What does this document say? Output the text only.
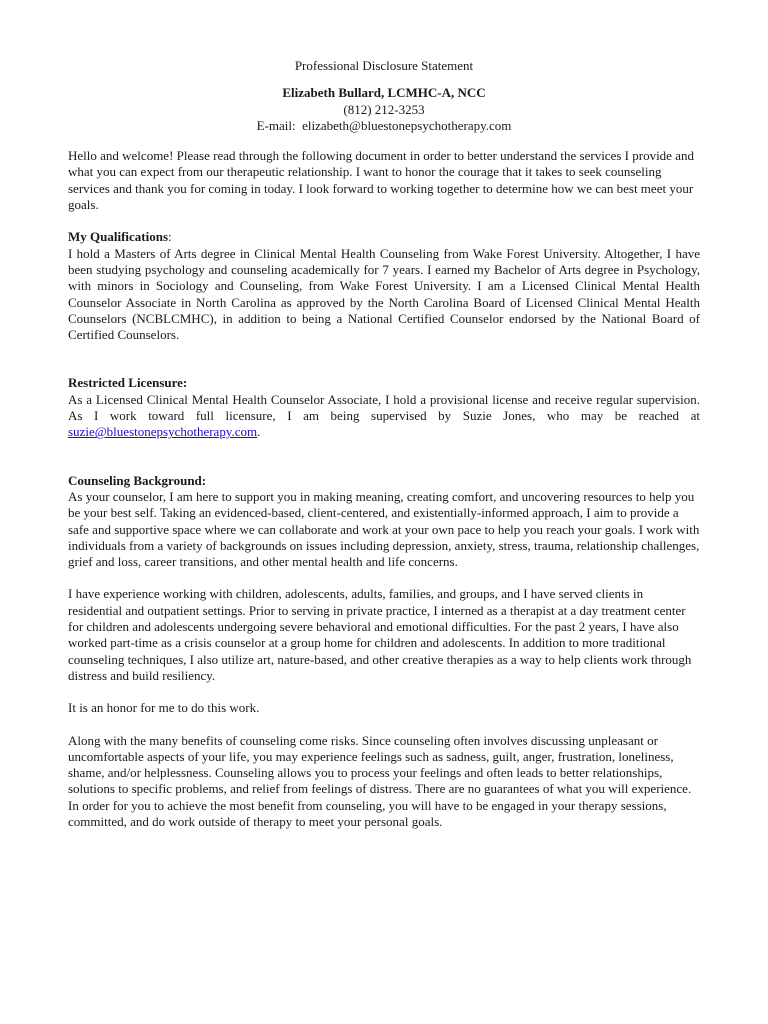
Professional Disclosure Statement
Elizabeth Bullard, LCMHC-A, NCC
(812) 212-3253
E-mail: elizabeth@bluestonepsychotherapy.com

Hello and welcome! Please read through the following document in order to better understand the services I provide and what you can expect from our therapeutic relationship. I want to honor the courage that it takes to seek counseling services and thank you for coming in today. I look forward to working together to determine how we can best meet your goals.

My Qualifications:

I hold a Masters of Arts degree in Clinical Mental Health Counseling from Wake Forest University. Altogether, I have been studying psychology and counseling academically for 7 years. I earned my Bachelor of Arts degree in Psychology, with minors in Sociology and Counseling, from Wake Forest University. I am a Licensed Clinical Mental Health Counselor Associate in North Carolina as approved by the North Carolina Board of Licensed Clinical Mental Health Counselors (NCBLCMHC), in addition to being a National Certified Counselor endorsed by the National Board of Certified Counselors.

Restricted Licensure:

As a Licensed Clinical Mental Health Counselor Associate, I hold a provisional license and receive regular supervision. As I work toward full licensure, I am being supervised by Suzie Jones, who may be reached at suzie@bluestonepsychotherapy.com.

Counseling Background:

As your counselor, I am here to support you in making meaning, creating comfort, and uncovering resources to help you be your best self. Taking an evidenced-based, client-centered, and existentially-informed approach, I aim to provide a safe and supportive space where we can collaborate and work at your own pace to help you reach your goals. I work with individuals from a variety of backgrounds on issues including depression, anxiety, stress, trauma, relationship challenges, grief and loss, career transitions, and other mental health and life concerns.

I have experience working with children, adolescents, adults, families, and groups, and I have served clients in residential and outpatient settings. Prior to serving in private practice, I interned as a therapist at a day treatment center for children and adolescents undergoing severe behavioral and emotional difficulties. For the past 2 years, I have also worked part-time as a crisis counselor at a group home for children and adolescents. In addition to more traditional counseling techniques, I also utilize art, nature-based, and other creative therapies as a way to help clients work through distress and build resiliency.

It is an honor for me to do this work.

Along with the many benefits of counseling come risks. Since counseling often involves discussing unpleasant or uncomfortable aspects of your life, you may experience feelings such as sadness, guilt, anger, frustration, loneliness, shame, and/or helplessness. Counseling allows you to process your feelings and often leads to better relationships, solutions to specific problems, and relief from feelings of distress. There are no guarantees of what you will experience. In order for you to achieve the most benefit from counseling, you will have to be engaged in your therapy sessions, committed, and do work outside of therapy to meet your personal goals.
